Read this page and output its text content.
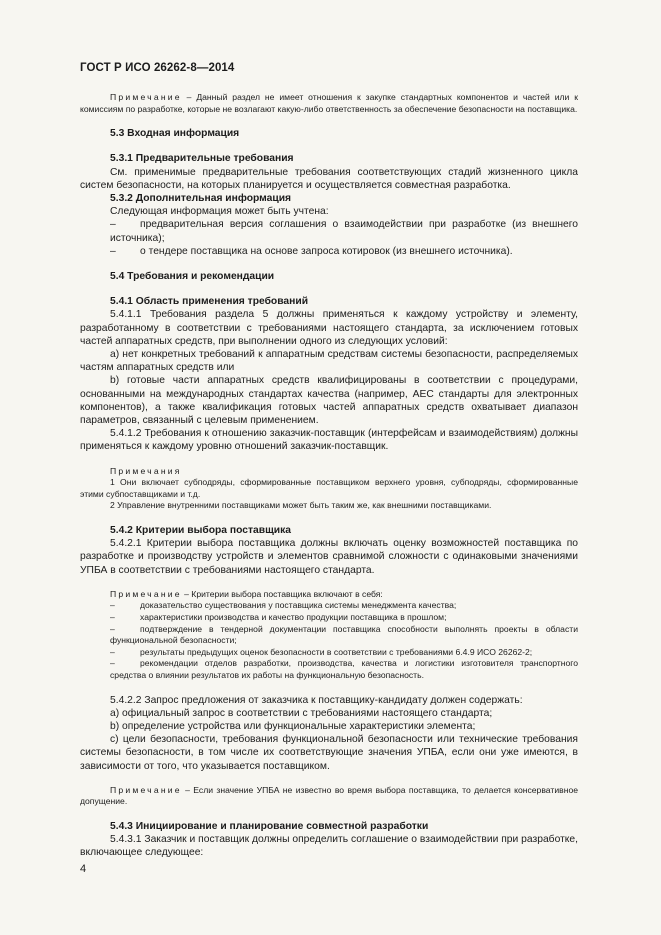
ГОСТ Р ИСО 26262-8—2014

Примечание – Данный раздел не имеет отношения к закупке стандартных компонентов и частей или к комиссиям по разработке, которые не возлагают какую-либо ответственность за обеспечение безопасности на поставщика.

5.3 Входная информация

5.3.1 Предварительные требования

См. применимые предварительные требования соответствующих стадий жизненного цикла систем безопасности, на которых планируется и осуществляется совместная разработка.

5.3.2 Дополнительная информация

Следующая информация может быть учтена:

– предварительная версия соглашения о взаимодействии при разработке (из внешнего источника);

– о тендере поставщика на основе запроса котировок (из внешнего источника).

5.4 Требования и рекомендации

5.4.1 Область применения требований

5.4.1.1 Требования раздела 5 должны применяться к каждому устройству и элементу, разработанному в соответствии с требованиями настоящего стандарта, за исключением готовых частей аппаратных средств, при выполнении одного из следующих условий:

a) нет конкретных требований к аппаратным средствам системы безопасности, распределяемых частям аппаратных средств или

b) готовые части аппаратных средств квалифицированы в соответствии с процедурами, основанными на международных стандартах качества (например, АЕС стандарты для электронных компонентов), а также квалификация готовых частей аппаратных средств охватывает диапазон параметров, связанный с целевым применением.

5.4.1.2 Требования к отношению заказчик-поставщик (интерфейсам и взаимодействиям) должны применяться к каждому уровню отношений заказчик-поставщик.

Примечания

1 Они включает субподряды, сформированные поставщиком верхнего уровня, субподряды, сформированные этими субпоставщиками и т.д.

2 Управление внутренними поставщиками может быть таким же, как внешними поставщиками.

5.4.2 Критерии выбора поставщика

5.4.2.1 Критерии выбора поставщика должны включать оценку возможностей поставщика по разработке и производству устройств и элементов сравнимой сложности с одинаковыми значениями УПБА в соответствии с требованиями настоящего стандарта.

Примечание – Критерии выбора поставщика включают в себя:

–	доказательство существования у поставщика системы менеджмента качества;

–	характеристики производства и качество продукции поставщика в прошлом;

–	подтверждение в тендерной документации поставщика способности выполнять проекты в области функциональной безопасности;

–	результаты предыдущих оценок безопасности в соответствии с требованиями 6.4.9 ИСО 26262-2;

–	рекомендации отделов разработки, производства, качества и логистики изготовителя транспортного средства о влиянии результатов их работы на функциональную безопасность.

5.4.2.2 Запрос предложения от заказчика к поставщику-кандидату должен содержать:

a) официальный запрос в соответствии с требованиями настоящего стандарта;

b) определение устройства или функциональные характеристики элемента;

c) цели безопасности, требования функциональной безопасности или технические требования системы безопасности, в том числе их соответствующие значения УПБА, если они уже имеются, в зависимости от того, что указывается поставщиком.

Примечание – Если значение УПБА не известно во время выбора поставщика, то делается консервативное допущение.

5.4.3 Инициирование и планирование совместной разработки

5.4.3.1 Заказчик и поставщик должны определить соглашение о взаимодействии при разработке, включающее следующее:

4
